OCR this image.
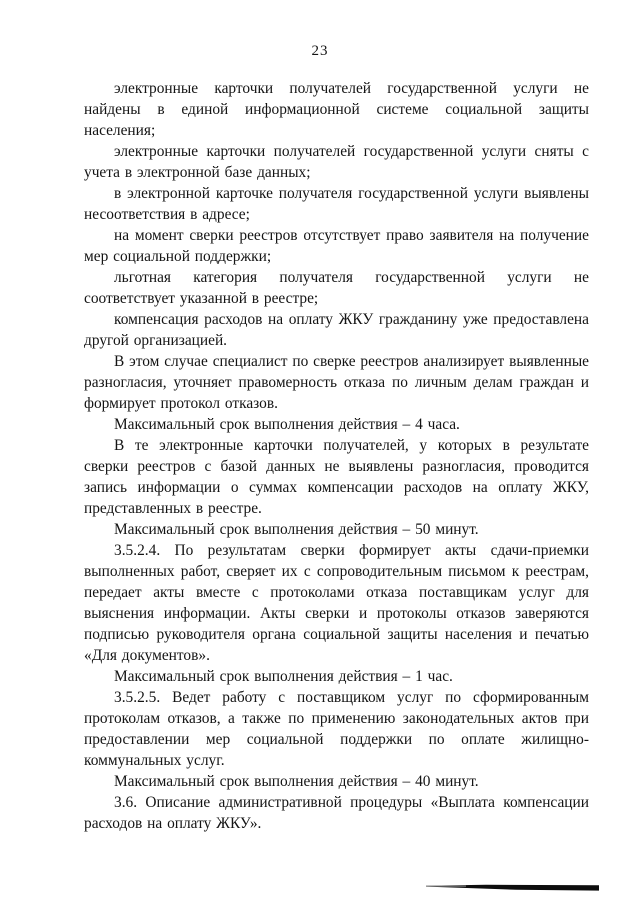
23

электронные карточки получателей государственной услуги не найдены в единой информационной системе социальной защиты населения;

электронные карточки получателей государственной услуги сняты с учета в электронной базе данных;

в электронной карточке получателя государственной услуги выявлены несоответствия в адресе;

на момент сверки реестров отсутствует право заявителя на получение мер социальной поддержки;

льготная категория получателя государственной услуги не соответствует указанной в реестре;

компенсация расходов на оплату ЖКУ гражданину уже предоставлена другой организацией.

В этом случае специалист по сверке реестров анализирует выявленные разногласия, уточняет правомерность отказа по личным делам граждан и формирует протокол отказов.

Максимальный срок выполнения действия – 4 часа.

В те электронные карточки получателей, у которых в результате сверки реестров с базой данных не выявлены разногласия, проводится запись информации о суммах компенсации расходов на оплату ЖКУ, представленных в реестре.

Максимальный срок выполнения действия – 50 минут.

3.5.2.4. По результатам сверки формирует акты сдачи-приемки выполненных работ, сверяет их с сопроводительным письмом к реестрам, передает акты вместе с протоколами отказа поставщикам услуг для выяснения информации. Акты сверки и протоколы отказов заверяются подписью руководителя органа социальной защиты населения и печатью «Для документов».

Максимальный срок выполнения действия – 1 час.

3.5.2.5. Ведет работу с поставщиком услуг по сформированным протоколам отказов, а также по применению законодательных актов при предоставлении мер социальной поддержки по оплате жилищно-коммунальных услуг.

Максимальный срок выполнения действия – 40 минут.

3.6. Описание административной процедуры «Выплата компенсации расходов на оплату ЖКУ».
